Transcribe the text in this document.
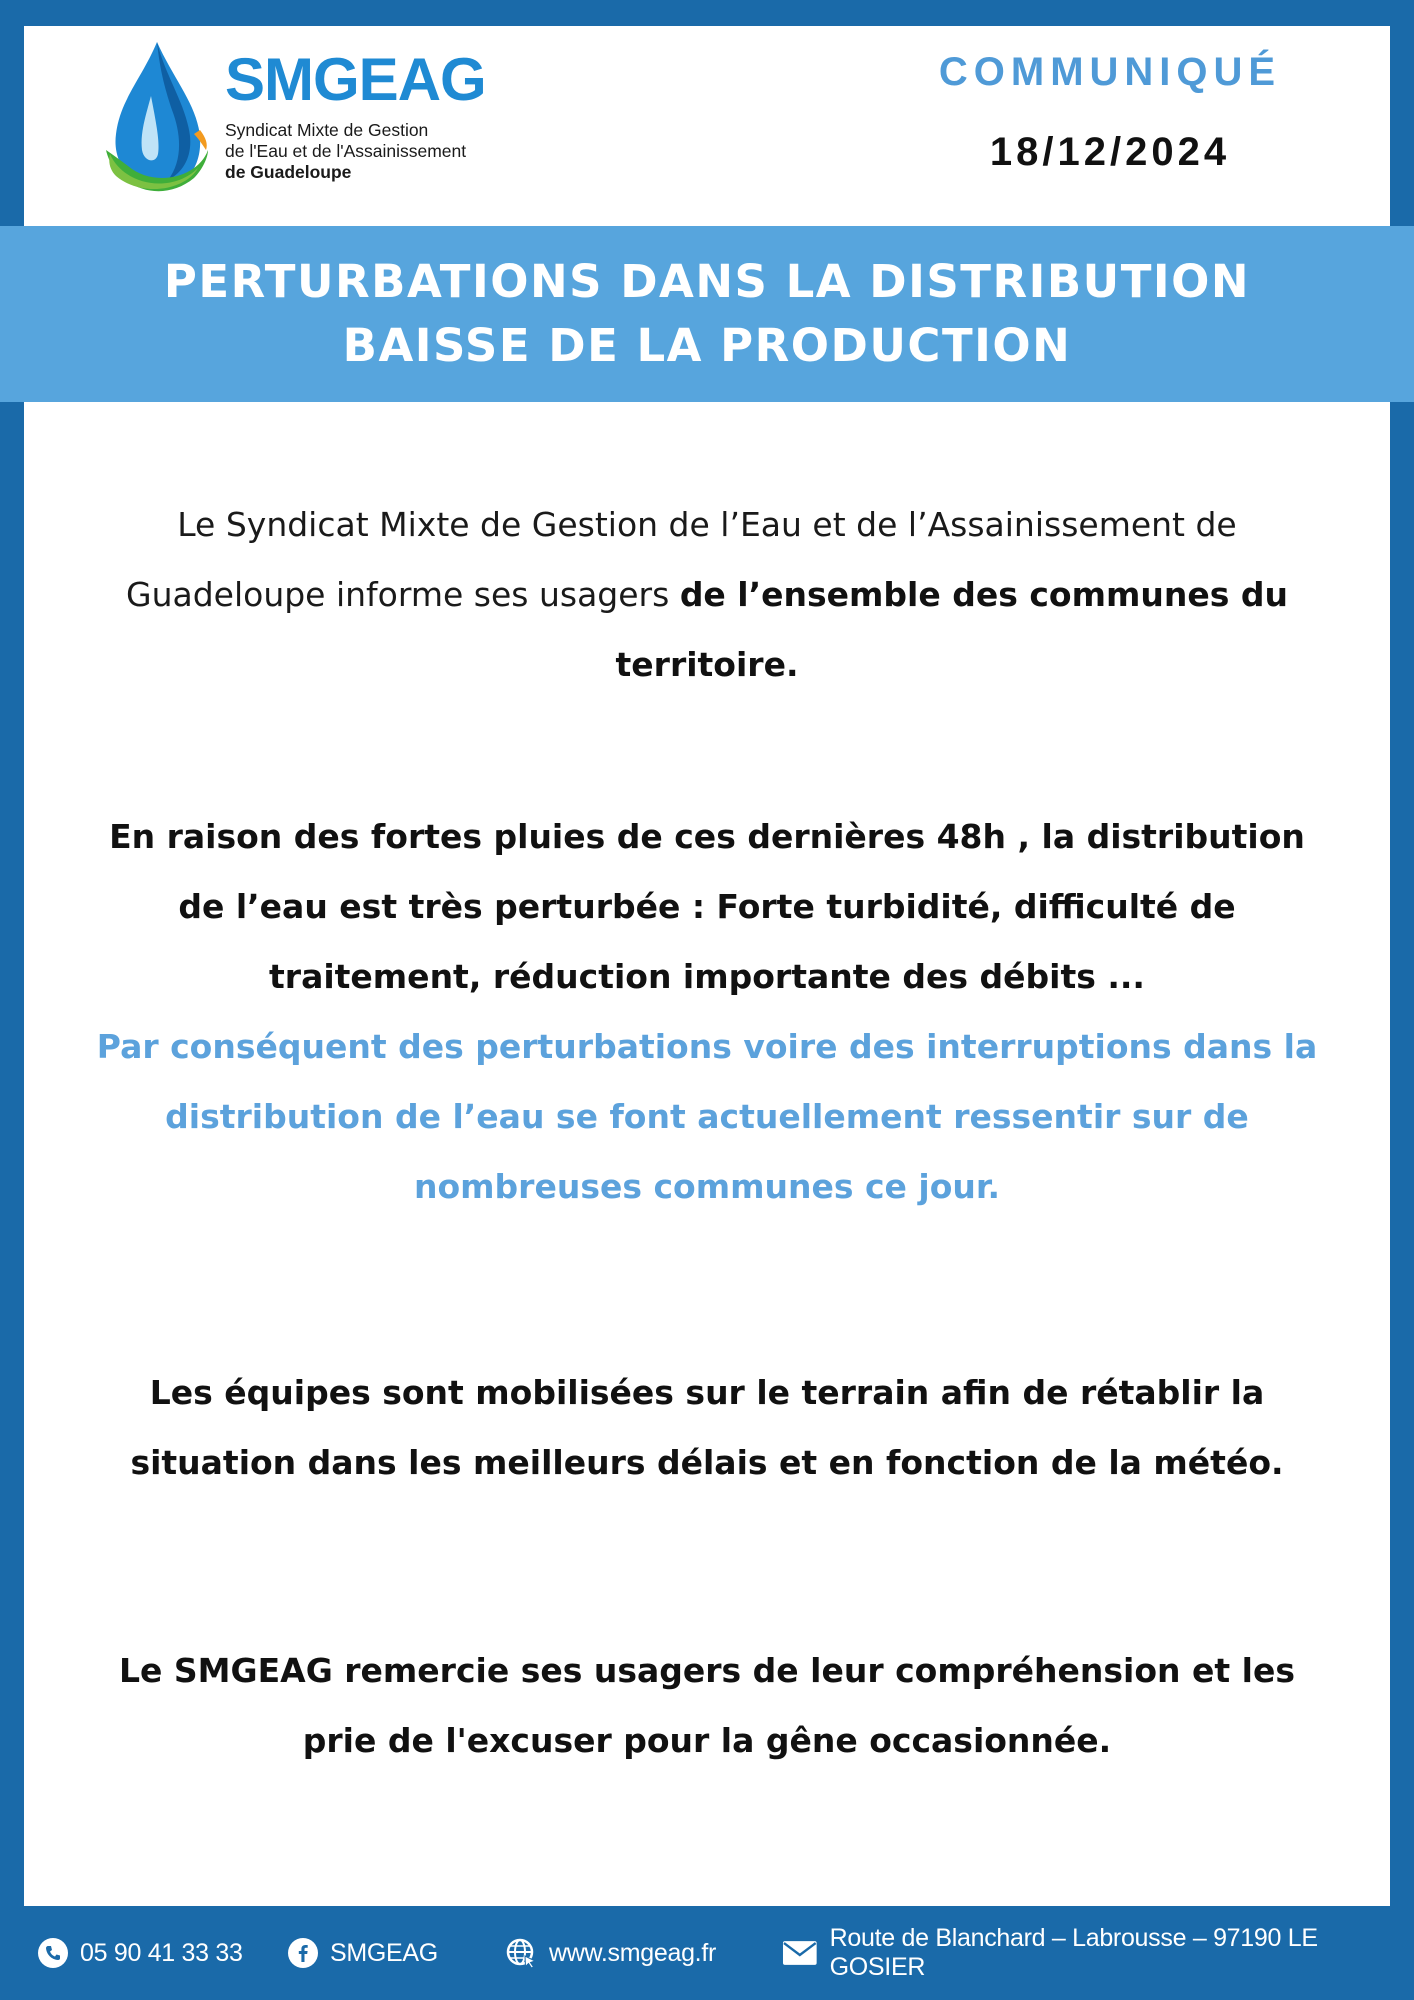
SMGEAG
Syndicat Mixte de Gestion
de l'Eau et de l'Assainissement
de Guadeloupe
COMMUNIQUÉ
18/12/2024
PERTURBATIONS DANS LA DISTRIBUTION
BAISSE DE LA PRODUCTION
Le Syndicat Mixte de Gestion de l’Eau et de l’Assainissement de Guadeloupe informe ses usagers de l’ensemble des communes du territoire.
En raison des fortes pluies de ces dernières 48h , la distribution de l’eau est très perturbée : Forte turbidité, difficulté de traitement, réduction importante des débits ...
Par conséquent des perturbations voire des interruptions dans la distribution de l’eau se font actuellement ressentir sur de nombreuses communes ce jour.
Les équipes sont mobilisées sur le terrain afin de rétablir la situation dans les meilleurs délais et en fonction de la météo.
Le SMGEAG remercie ses usagers de leur compréhension et les prie de l'excuser pour la gêne occasionnée.
05 90 41 33 33	SMGEAG	www.smgeag.fr
Route de Blanchard – Labrousse – 97190 LE GOSIER
